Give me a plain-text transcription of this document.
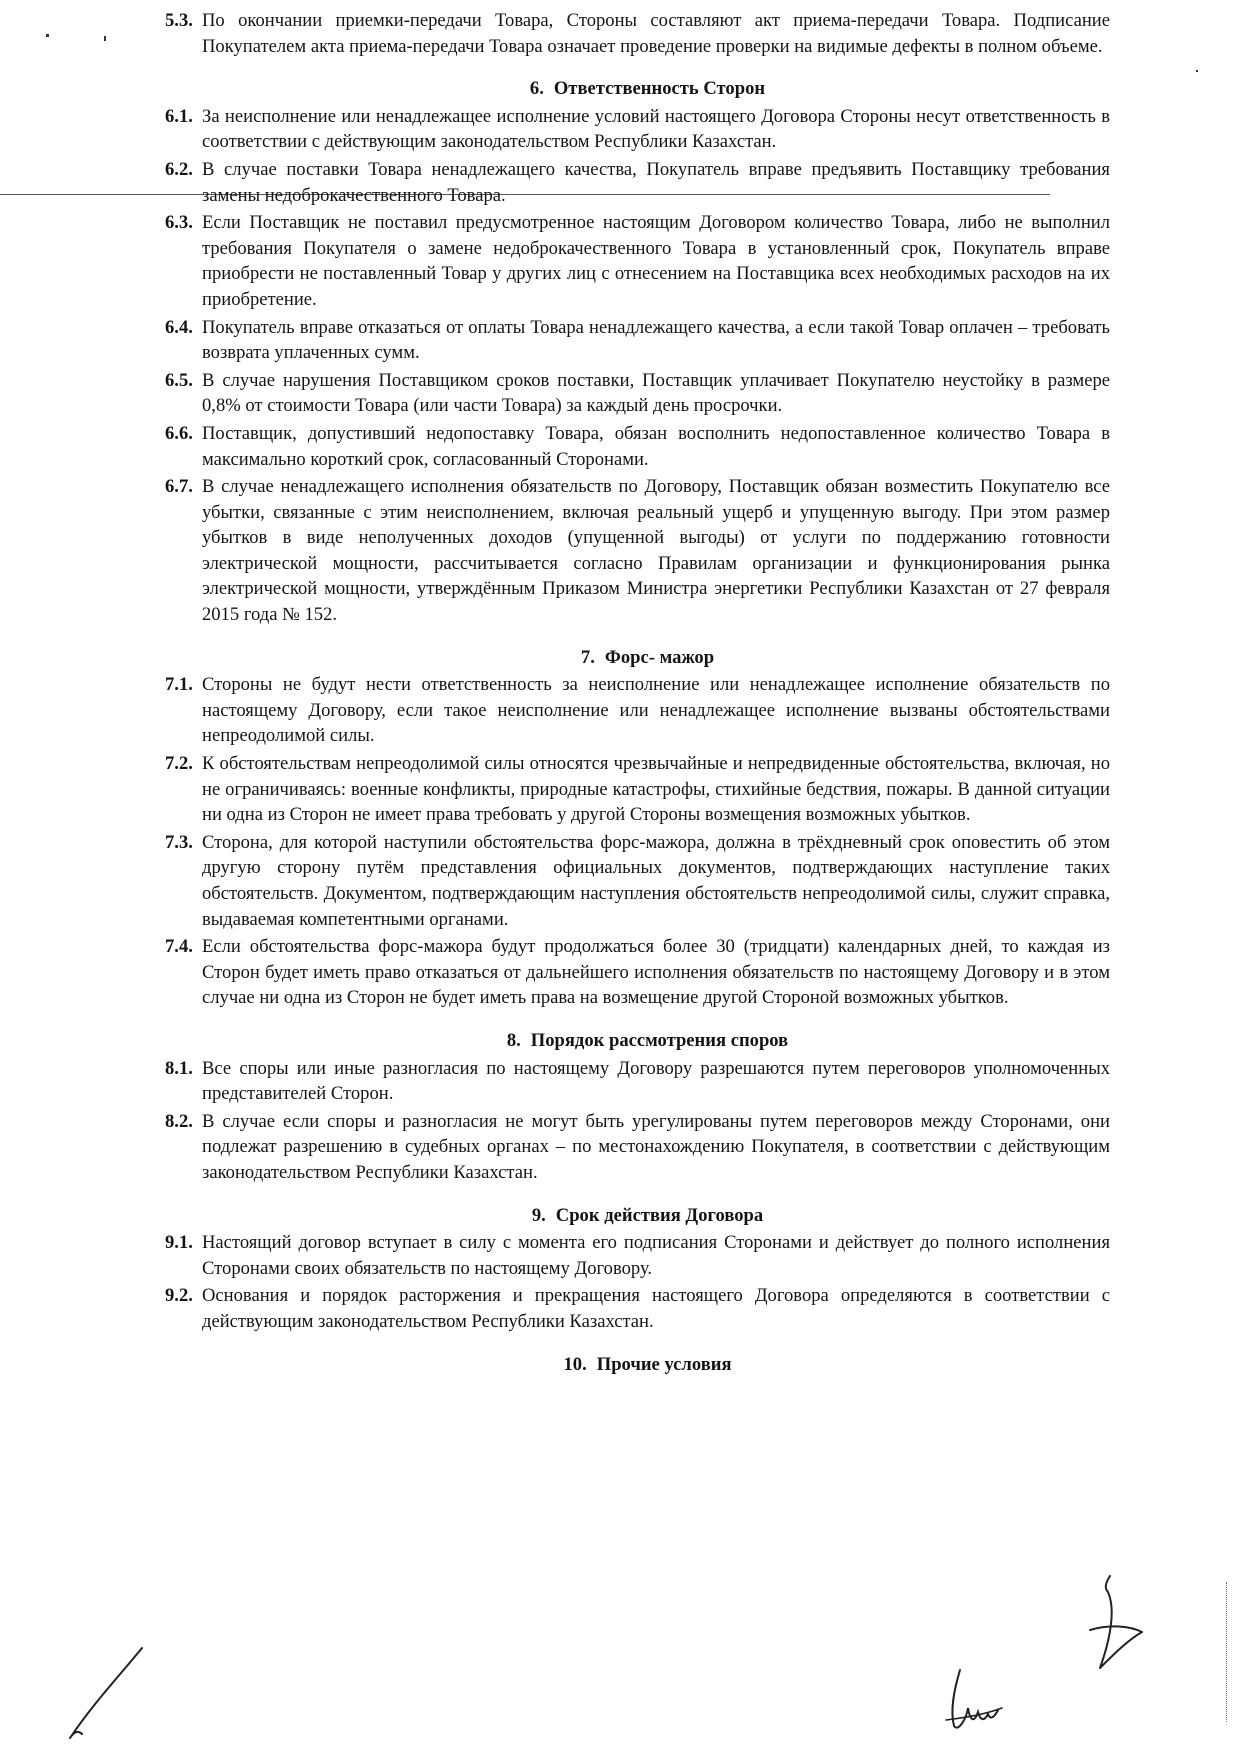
5.3. По окончании приемки-передачи Товара, Стороны составляют акт приема-передачи Товара. Подписание Покупателем акта приема-передачи Товара означает проведение проверки на видимые дефекты в полном объеме.
6. Ответственность Сторон
6.1. За неисполнение или ненадлежащее исполнение условий настоящего Договора Стороны несут ответственность в соответствии с действующим законодательством Республики Казахстан.
6.2. В случае поставки Товара ненадлежащего качества, Покупатель вправе предъявить Поставщику требования замены недоброкачественного Товара.
6.3. Если Поставщик не поставил предусмотренное настоящим Договором количество Товара, либо не выполнил требования Покупателя о замене недоброкачественного Товара в установленный срок, Покупатель вправе приобрести не поставленный Товар у других лиц с отнесением на Поставщика всех необходимых расходов на их приобретение.
6.4. Покупатель вправе отказаться от оплаты Товара ненадлежащего качества, а если такой Товар оплачен – требовать возврата уплаченных сумм.
6.5. В случае нарушения Поставщиком сроков поставки, Поставщик уплачивает Покупателю неустойку в размере 0,8% от стоимости Товара (или части Товара) за каждый день просрочки.
6.6. Поставщик, допустивший недопоставку Товара, обязан восполнить недопоставленное количество Товара в максимально короткий срок, согласованный Сторонами.
6.7. В случае ненадлежащего исполнения обязательств по Договору, Поставщик обязан возместить Покупателю все убытки, связанные с этим неисполнением, включая реальный ущерб и упущенную выгоду. При этом размер убытков в виде неполученных доходов (упущенной выгоды) от услуги по поддержанию готовности электрической мощности, рассчитывается согласно Правилам организации и функционирования рынка электрической мощности, утверждённым Приказом Министра энергетики Республики Казахстан от 27 февраля 2015 года № 152.
7. Форс- мажор
7.1. Стороны не будут нести ответственность за неисполнение или ненадлежащее исполнение обязательств по настоящему Договору, если такое неисполнение или ненадлежащее исполнение вызваны обстоятельствами непреодолимой силы.
7.2. К обстоятельствам непреодолимой силы относятся чрезвычайные и непредвиденные обстоятельства, включая, но не ограничиваясь: военные конфликты, природные катастрофы, стихийные бедствия, пожары. В данной ситуации ни одна из Сторон не имеет права требовать у другой Стороны возмещения возможных убытков.
7.3. Сторона, для которой наступили обстоятельства форс-мажора, должна в трёхдневный срок оповестить об этом другую сторону путём представления официальных документов, подтверждающих наступление таких обстоятельств. Документом, подтверждающим наступления обстоятельств непреодолимой силы, служит справка, выдаваемая компетентными органами.
7.4. Если обстоятельства форс-мажора будут продолжаться более 30 (тридцати) календарных дней, то каждая из Сторон будет иметь право отказаться от дальнейшего исполнения обязательств по настоящему Договору и в этом случае ни одна из Сторон не будет иметь права на возмещение другой Стороной возможных убытков.
8. Порядок рассмотрения споров
8.1. Все споры или иные разногласия по настоящему Договору разрешаются путем переговоров уполномоченных представителей Сторон.
8.2. В случае если споры и разногласия не могут быть урегулированы путем переговоров между Сторонами, они подлежат разрешению в судебных органах – по местонахождению Покупателя, в соответствии с действующим законодательством Республики Казахстан.
9. Срок действия Договора
9.1. Настоящий договор вступает в силу с момента его подписания Сторонами и действует до полного исполнения Сторонами своих обязательств по настоящему Договору.
9.2. Основания и порядок расторжения и прекращения настоящего Договора определяются в соответствии с действующим законодательством Республики Казахстан.
10. Прочие условия
